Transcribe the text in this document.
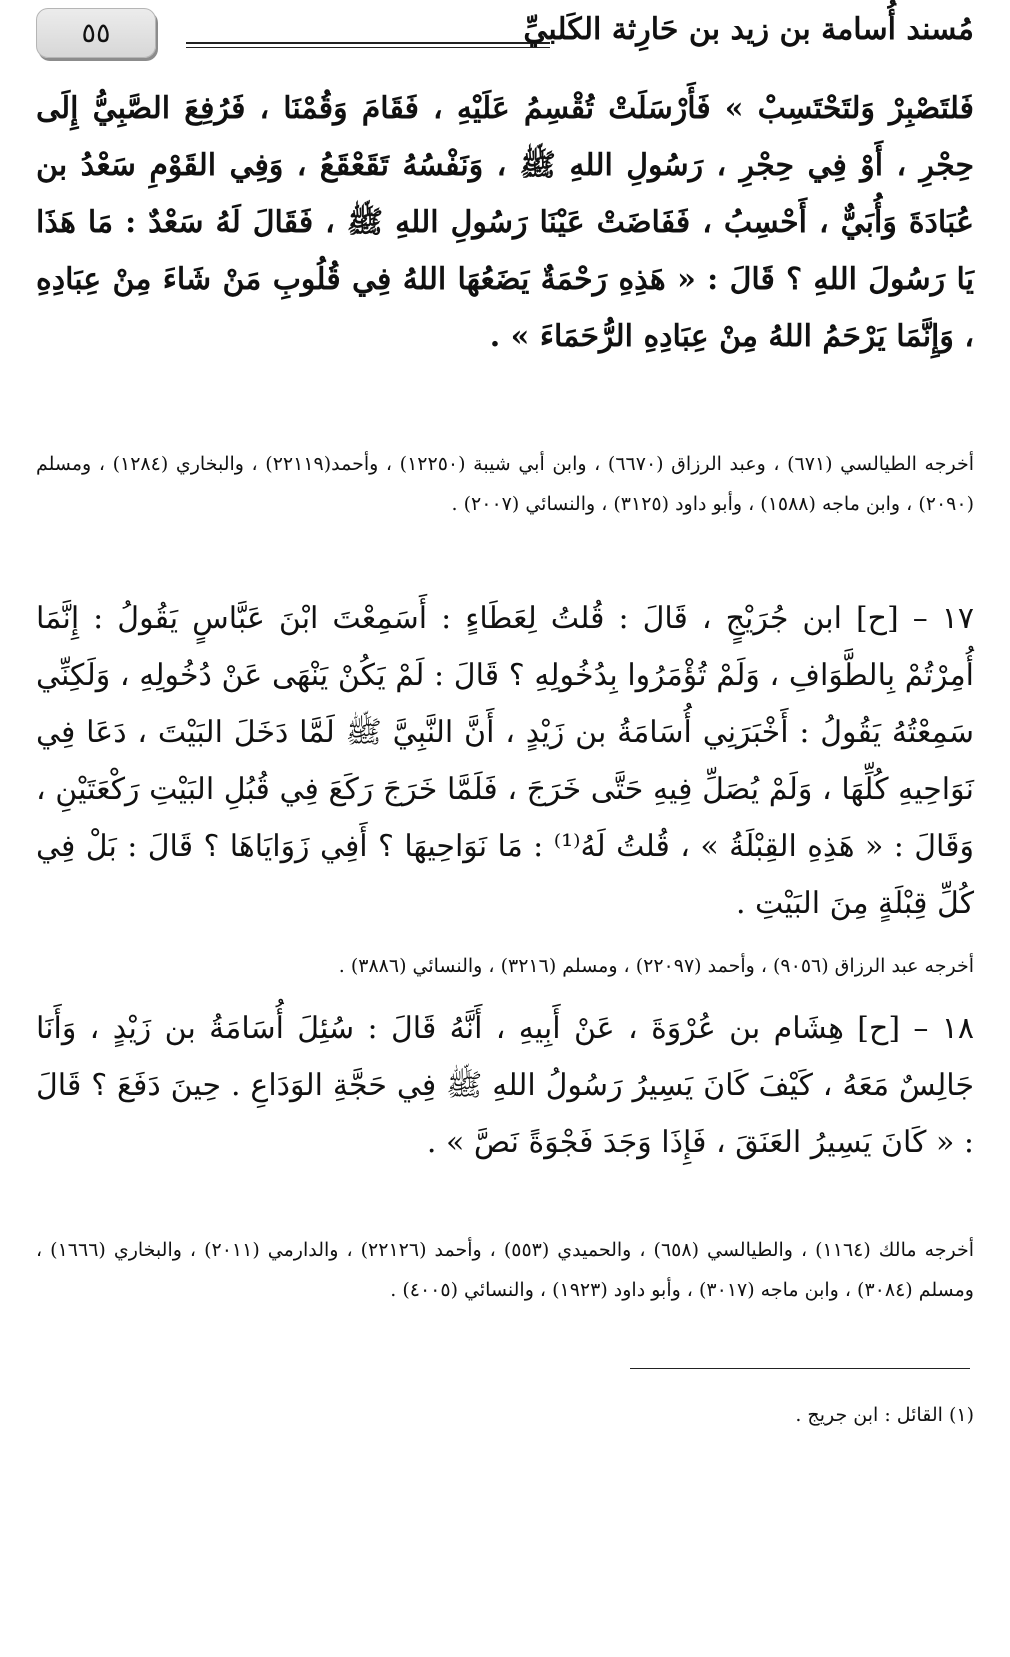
٥٥	مُسند أُسامة بن زيد بن حَارِثة الكَلبيِّ

فَلتَصْبِرْ وَلتَحْتَسِبْ » فَأَرْسَلَتْ تُقْسِمُ عَلَيْهِ ، فَقَامَ وَقُمْنَا ، فَرُفِعَ الصَّبِيُّ إِلَى حِجْرِ ، أَوْ فِي حِجْرِ ، رَسُولِ اللهِ ﷺ ، وَنَفْسُهُ تَقَعْقَعُ ، وَفِي القَوْمِ سَعْدُ بن عُبَادَةَ وَأُبَيٌّ ، أَحْسِبُ ، فَفَاضَتْ عَيْنَا رَسُولِ اللهِ ﷺ ، فَقَالَ لَهُ سَعْدٌ : مَا هَذَا يَا رَسُولَ اللهِ ؟ قَالَ : « هَذِهِ رَحْمَةٌ يَضَعُهَا اللهُ فِي قُلُوبِ مَنْ شَاءَ مِنْ عِبَادِهِ ، وَإِنَّمَا يَرْحَمُ اللهُ مِنْ عِبَادِهِ الرُّحَمَاءَ » .

أخرجه الطيالسي (٦٧١) ، وعبد الرزاق (٦٦٧٠) ، وابن أبي شيبة (١٢٢٥٠) ، وأحمد(٢٢١١٩) ، والبخاري (١٢٨٤) ، ومسلم (٢٠٩٠) ، وابن ماجه (١٥٨٨) ، وأبو داود (٣١٢٥) ، والنسائي (٢٠٠٧) .

١٧ – [ح] ابن جُرَيْجٍ ، قَالَ : قُلتُ لِعَطَاءٍ : أَسَمِعْتَ ابْنَ عَبَّاسٍ يَقُولُ : إِنَّمَا أُمِرْتُمْ بِالطَّوَافِ ، وَلَمْ تُؤْمَرُوا بِدُخُولِهِ ؟ قَالَ : لَمْ يَكُنْ يَنْهَى عَنْ دُخُولِهِ ، وَلَكِنِّي سَمِعْتُهُ يَقُولُ : أَخْبَرَنِي أُسَامَةُ بن زَيْدٍ ، أَنَّ النَّبِيَّ ﷺ لَمَّا دَخَلَ البَيْتَ ، دَعَا فِي نَوَاحِيهِ كُلِّهَا ، وَلَمْ يُصَلِّ فِيهِ حَتَّى خَرَجَ ، فَلَمَّا خَرَجَ رَكَعَ فِي قُبُلِ البَيْتِ رَكْعَتَيْنِ ، وَقَالَ : « هَذِهِ القِبْلَةُ » ، قُلتُ لَهُ⁽¹⁾ : مَا نَوَاحِيهَا ؟ أَفِي زَوَايَاهَا ؟ قَالَ : بَلْ فِي كُلِّ قِبْلَةٍ مِنَ البَيْتِ .

أخرجه عبد الرزاق (٩٠٥٦) ، وأحمد (٢٢٠٩٧) ، ومسلم (٣٢١٦) ، والنسائي (٣٨٨٦) .

١٨ – [ح] هِشَام بن عُرْوَةَ ، عَنْ أَبِيهِ ، أَنَّهُ قَالَ : سُئِلَ أُسَامَةُ بن زَيْدٍ ، وَأَنَا جَالِسٌ مَعَهُ ، كَيْفَ كَانَ يَسِيرُ رَسُولُ اللهِ ﷺ فِي حَجَّةِ الوَدَاعِ . حِينَ دَفَعَ ؟ قَالَ : « كَانَ يَسِيرُ العَنَقَ ، فَإِذَا وَجَدَ فَجْوَةً نَصَّ » .

أخرجه مالك (١١٦٤) ، والطيالسي (٦٥٨) ، والحميدي (٥٥٣) ، وأحمد (٢٢١٢٦) ، والدارمي (٢٠١١) ، والبخاري (١٦٦٦) ، ومسلم (٣٠٨٤) ، وابن ماجه (٣٠١٧) ، وأبو داود (١٩٢٣) ، والنسائي (٤٠٠٥) .

(١) القائل : ابن جريج .
